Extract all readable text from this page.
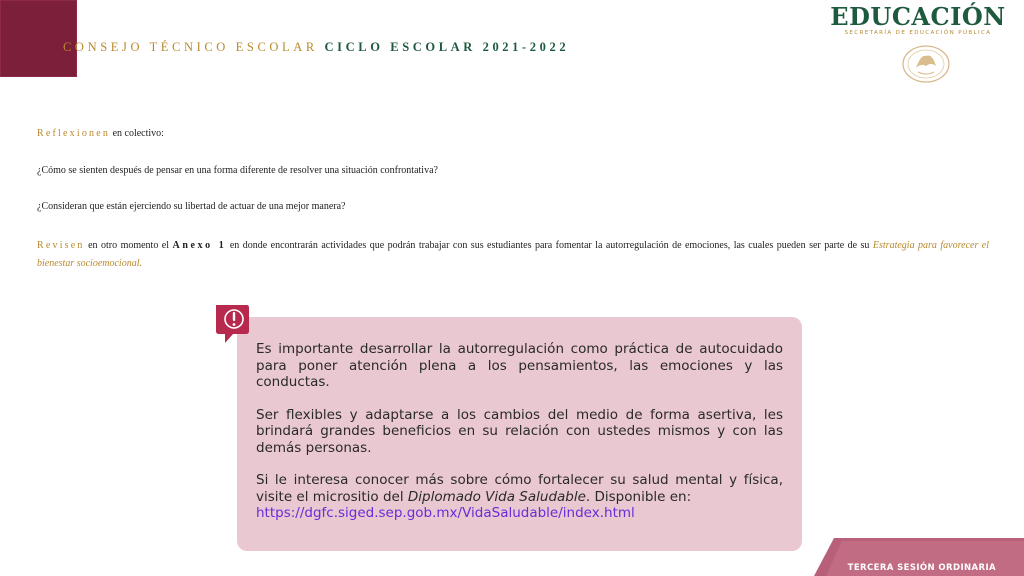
CONSEJO TÉCNICO ESCOLAR CICLO ESCOLAR 2021-2022
EDUCACIÓN
SECRETARÍA DE EDUCACIÓN PÚBLICA
Reflexionen en colectivo:
¿Cómo se sienten después de pensar en una forma diferente de resolver una situación confrontativa?
¿Consideran que están ejerciendo su libertad de actuar de una mejor manera?
Revisen en otro momento el Anexo 1 en donde encontrarán actividades que podrán trabajar con sus estudiantes para fomentar la autorregulación de emociones, las cuales pueden ser parte de su Estrategia para favorecer el bienestar socioemocional.

Es importante desarrollar la autorregulación como práctica de autocuidado para poner atención plena a los pensamientos, las emociones y las conductas.

Ser flexibles y adaptarse a los cambios del medio de forma asertiva, les brindará grandes beneficios en su relación con ustedes mismos y con las demás personas.

Si le interesa conocer más sobre cómo fortalecer su salud mental y física, visite el micrositio del Diplomado Vida Saludable. Disponible en:
https://dgfc.siged.sep.gob.mx/VidaSaludable/index.html

TERCERA SESIÓN ORDINARIA
